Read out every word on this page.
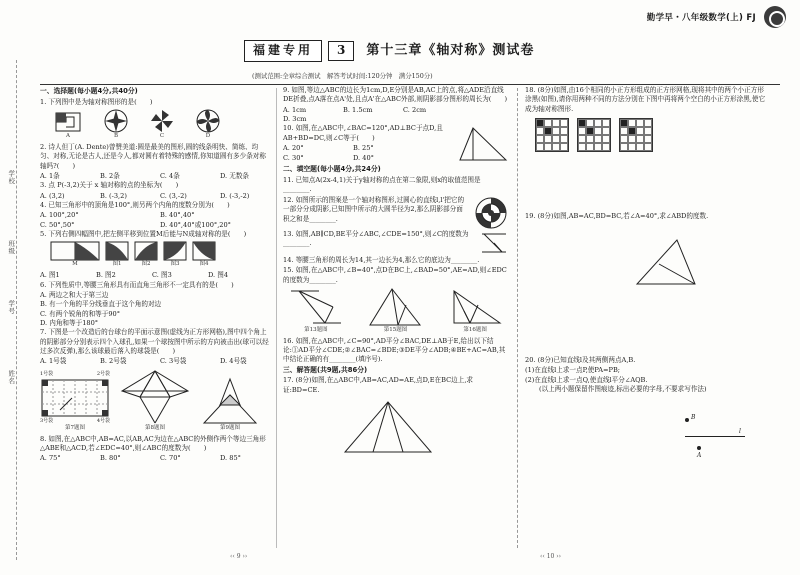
学校
班级
学号
姓名
勤学早・八年级数学(上) FJ
福建专用	3	第十三章《轴对称》测试卷
(测试范围:全章综合测试　解答考试时间:120分钟　满分150分)
一、选择题(每小题4分,共40分)
1. 下列图中是为轴对称图形的是(　　)
A	B	C	D
2. 诗人但丁(A. Dente)曾赞美道:圆是最美的图形,圆的线条明快、简练、均匀、对称,无论是古人,还是今人,都对圆有着特殊的感情,你知道圆有多少条对称轴吗?(　　)
A. 1条	B. 2条	C. 4条	D. 无数条
3. 点 P(-3,2)关于 x 轴对称的点的坐标为(　　)
A. (3,2)	B. (-3,2)	C. (3,-2)	D. (-3,-2)
4. 已知三角形中的顶角是100°,则另两个内角的度数分别为(　　)
A. 100°,20°	B. 40°,40°
C. 50°,50°	D. 40°,40°或100°,20°
5. 下列右侧四幅图中,把左侧平移到位置M后能与N成轴对称的是(　　)
M	图1	图2	图3	图4
A. 图1	B. 图2	C. 图3	D. 图4
6. 下列性质中,等腰三角形具有而直角三角形不一定具有的是(　　)
A. 两边之和大于第三边
B. 有一个角的平分线垂直于这个角的对边
C. 有两个锐角的和等于90°
D. 内角和等于180°
7. 下图是一个改造后的台球台的平面示意图(虚线为正方形网格),图中四个角上的阴影部分分别表示四个入球孔,如果一个球按图中所示的方向被击出(球可以经过多次反弹),那么该球最后落入的球袋是(　　)
A. 1号袋	B. 2号袋	C. 3号袋	D. 4号袋
1号袋	2号袋
3号袋	4号袋
第7题图	第8题图	第9题图
8. 如图,在△ABC中,AB=AC,以AB,AC为边在△ABC的外侧作两个等边三角形△ABE和△ACD,若∠EDC=40°,则∠ABC的度数为(　　)
A. 75°	B. 80°	C. 70°	D. 85°
9. 如图,等边△ABC的边长为1cm,D,E分别是AB,AC上的点,将△ADE沿直线DE折叠,点A落在点A'处,且点A'在△ABC外部,则阴影部分图形的周长为(　　)
A. 1cm	B. 1.5cm	C. 2cm
D. 3cm
10. 如图,在△ABC中,∠BAC=120°,AD⊥BC于点D,且AB+BD=DC,则∠C等于(　　)
A. 20°	B. 25°
C. 30°	D. 40°
二、填空题(每小题4分,共24分)
11. 已知点A(2x-4,1)关于y轴对称的点在第二象限,则x的取值范围是________.
12. 如图所示的图案是一个轴对称图形,过圆心的直线l,l'把它的一部分分成阴影,已知图中所示的大圆半径为2,那么阴影部分面积之和是________.
13. 如图,AB∥CD,BE平分∠ABC,∠CDE=150°,则∠C的度数为________.
14. 等腰三角形的周长为14,其一边长为4,那么它的底边为________.
15. 如图,在△ABC中,∠B=40°,点D在BC上,∠BAD=50°,AE=AD,则∠EDC的度数为________.
第13题图	第15题图	第16题图
16. 如图,在△ABC中,∠C=90°,AD平分∠BAC,DE⊥AB于E,给出以下结论:①AD平分∠CDE;②∠BAC=∠BDE;③DE平分∠ADB;④BE+AC=AB,其中结论正确的有________(填序号).
三、解答题(共9题,共86分)
17. (8分)如图,在△ABC中,AB=AC,AD=AE,点D,E在BC边上,求证:BD=CE.
18. (8分)如图,由16个相同的小正方形组成的正方形网格,现将其中的两个小正方形涂黑(如图),请你用两种不同的方法分别在下图中再将两个空白的小正方形涂黑,使它成为轴对称图形.
19. (8分)如图,AB=AC,BD=BC,若∠A=40°,求∠ABD的度数.
20. (8分)已知直线l及其两侧两点A,B.
(1)在直线l上求一点P,使PA=PB;
(2)在直线l上求一点Q,使直线l平分∠AQB.
(以上两小题保留作图痕迹,标出必要的字母,不要求写作法)
B
l
A
‹‹ 9 ››	‹‹ 10 ››
